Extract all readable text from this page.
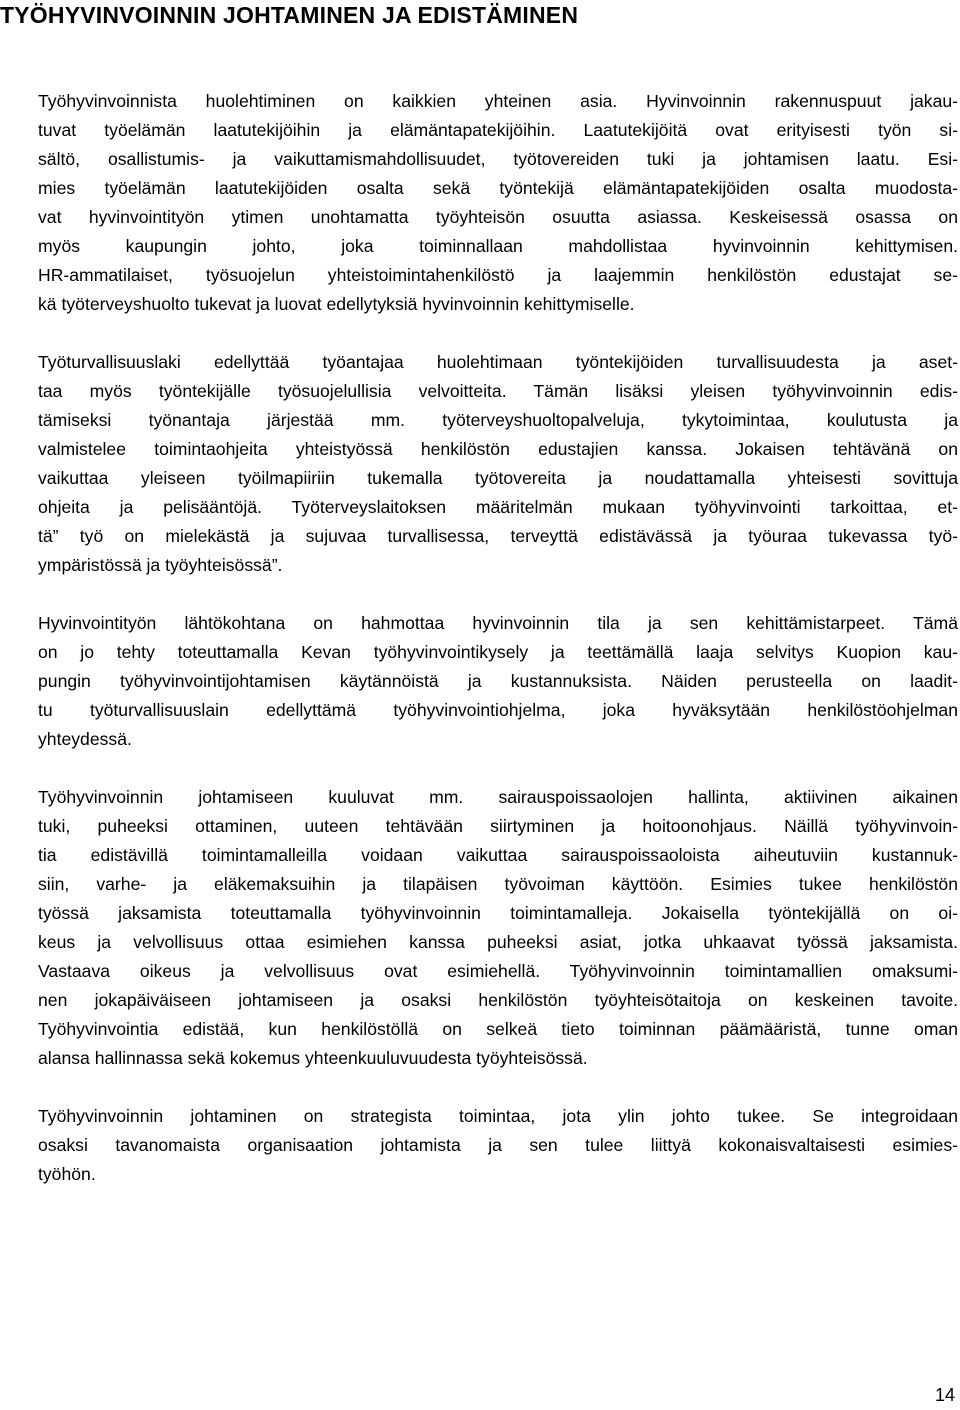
TYÖHYVINVOINNIN JOHTAMINEN JA EDISTÄMINEN

Työhyvinvoinnista huolehtiminen on kaikkien yhteinen asia. Hyvinvoinnin rakennuspuut jakau-
tuvat työelämän laatutekijöihin ja elämäntapatekijöihin. Laatutekijöitä ovat erityisesti työn si-
sältö, osallistumis- ja vaikuttamismahdollisuudet, työtovereiden tuki ja johtamisen laatu. Esi-
mies työelämän laatutekijöiden osalta sekä työntekijä elämäntapatekijöiden osalta muodosta-
vat hyvinvointityön ytimen unohtamatta työyhteisön osuutta asiassa. Keskeisessä osassa on
myös kaupungin johto, joka toiminnallaan mahdollistaa hyvinvoinnin kehittymisen.
HR-ammatilaiset, työsuojelun yhteistoimintahenkilöstö ja laajemmin henkilöstön edustajat se-
kä työterveyshuolto tukevat ja luovat edellytyksiä hyvinvoinnin kehittymiselle.

Työturvallisuuslaki edellyttää työantajaa huolehtimaan työntekijöiden turvallisuudesta ja aset-
taa myös työntekijälle työsuojelullisia velvoitteita. Tämän lisäksi yleisen työhyvinvoinnin edis-
tämiseksi työnantaja järjestää mm. työterveyshuoltopalveluja, tykytoimintaa, koulutusta ja
valmistelee toimintaohjeita yhteistyössä henkilöstön edustajien kanssa. Jokaisen tehtävänä on
vaikuttaa yleiseen työilmapiiriin tukemalla työtovereita ja noudattamalla yhteisesti sovittuja
ohjeita ja pelisääntöjä. Työterveyslaitoksen määritelmän mukaan työhyvinvointi tarkoittaa, et-
tä” työ on mielekästä ja sujuvaa turvallisessa, terveyttä edistävässä ja työuraa tukevassa työ-
ympäristössä ja työyhteisössä”.

Hyvinvointityön lähtökohtana on hahmottaa hyvinvoinnin tila ja sen kehittämistarpeet. Tämä
on jo tehty toteuttamalla Kevan työhyvinvointikysely ja teettämällä laaja selvitys Kuopion kau-
pungin työhyvinvointijohtamisen käytännöistä ja kustannuksista. Näiden perusteella on laadit-
tu työturvallisuuslain edellyttämä työhyvinvointiohjelma, joka hyväksytään henkilöstöohjelman
yhteydessä.

Työhyvinvoinnin johtamiseen kuuluvat mm. sairauspoissaolojen hallinta, aktiivinen aikainen
tuki, puheeksi ottaminen, uuteen tehtävään siirtyminen ja hoitoonohjaus. Näillä työhyvinvoin-
tia edistävillä toimintamalleilla voidaan vaikuttaa sairauspoissaoloista aiheutuviin kustannuk-
siin, varhe- ja eläkemaksuihin ja tilapäisen työvoiman käyttöön. Esimies tukee henkilöstön
työssä jaksamista toteuttamalla työhyvinvoinnin toimintamalleja. Jokaisella työntekijällä on oi-
keus ja velvollisuus ottaa esimiehen kanssa puheeksi asiat, jotka uhkaavat työssä jaksamista.
Vastaava oikeus ja velvollisuus ovat esimiehellä. Työhyvinvoinnin toimintamallien omaksumi-
nen jokapäiväiseen johtamiseen ja osaksi henkilöstön työyhteisötaitoja on keskeinen tavoite.
Työhyvinvointia edistää, kun henkilöstöllä on selkeä tieto toiminnan päämääristä, tunne oman
alansa hallinnassa sekä kokemus yhteenkuuluvuudesta työyhteisössä.

Työhyvinvoinnin johtaminen on strategista toimintaa, jota ylin johto tukee. Se integroidaan
osaksi tavanomaista organisaation johtamista ja sen tulee liittyä kokonaisvaltaisesti esimies-
työhön.

14
